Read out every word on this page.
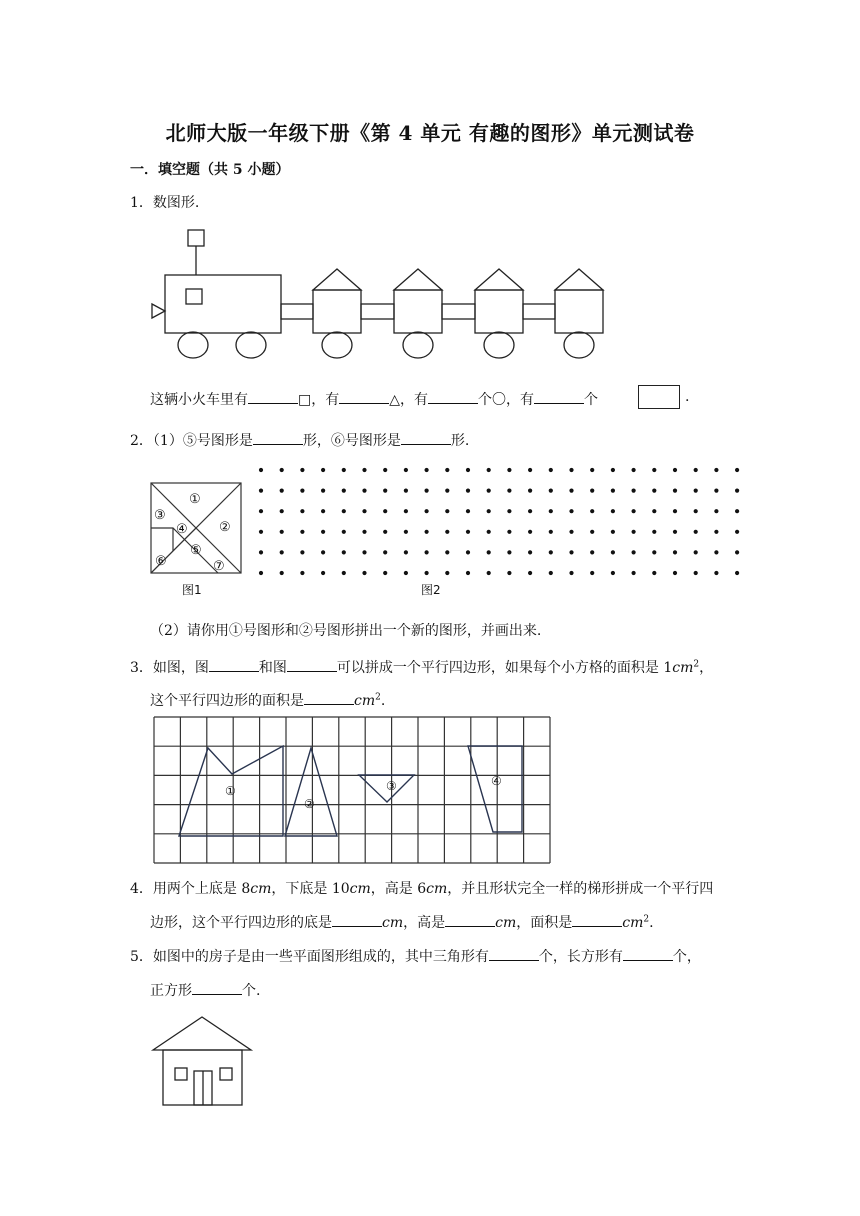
北师大版一年级下册《第 4 单元 有趣的图形》单元测试卷
一．填空题（共 5 小题）
1．数图形.
这辆小火车里有	□，有	△，有	个〇，有	个	.
2．（1）⑤号图形是	形，⑥号图形是	形.
①
②
③
④
⑤
⑥	⑦
图1	图2
（2）请你用①号图形和②号图形拼出一个新的图形，并画出来.
3．如图，图	和图	可以拼成一个平行四边形，如果每个小方格的面积是 $1cm^2$，
这个平行四边形的面积是	$cm^2$.
①
②
③	④
4．用两个上底是 8cm，下底是 10cm，高是 6cm，并且形状完全一样的梯形拼成一个平行四
边形，这个平行四边形的底是	cm，高是	cm，面积是	$cm^2$.
5．如图中的房子是由一些平面图形组成的，其中三角形有	个，长方形有	个，
正方形	个.
